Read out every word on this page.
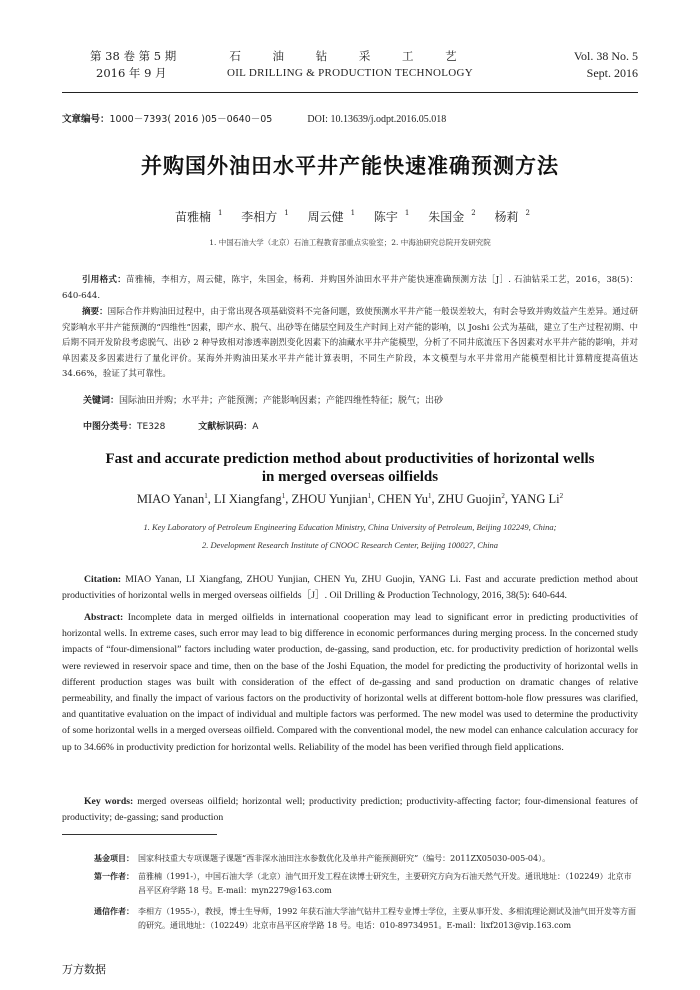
第 38 卷 第 5 期
2016 年 9 月
石 油 钻 采 工 艺
OIL DRILLING & PRODUCTION TECHNOLOGY
Vol. 38 No. 5
Sept. 2016
文章编号：1000－7393( 2016 )05－0640－05	DOI: 10.13639/j.odpt.2016.05.018
并购国外油田水平井产能快速准确预测方法
苗雅楠 $^1$ 李相方 $^1$ 周云健 $^1$ 陈宇 $^1$ 朱国金 $^2$ 杨莉 $^2$
1. 中国石油大学（北京）石油工程教育部重点实验室；2. 中海油研究总院开发研究院
引用格式：苗雅楠，李相方，周云健，陈宇，朱国金，杨莉．并购国外油田水平井产能快速准确预测方法［J］. 石油钻采工艺，2016，38(5)：640-644.
摘要：国际合作并购油田过程中，由于常出现各项基础资料不完备问题，致使预测水平井产能一般误差较大，有时会导致并购效益产生差异。通过研究影响水平井产能预测的“四维性”因素，即产水、脱气、出砂等在储层空间及生产时间上对产能的影响，以 Joshi 公式为基础，建立了生产过程初期、中后期不同开发阶段考虑脱气、出砂 2 种导致相对渗透率剧烈变化因素下的油藏水平井产能模型，分析了不同井底流压下各因素对水平井产能的影响，并对单因素及多因素进行了量化评价。某海外并购油田某水平井产能计算表明，不同生产阶段，本文模型与水平井常用产能模型相比计算精度提高值达 34.66%，验证了其可靠性。
关键词：国际油田并购；水平井；产能预测；产能影响因素；产能四维性特征；脱气；出砂
中图分类号：TE328	文献标识码：A
Fast and accurate prediction method about productivities of horizontal wells in merged overseas oilfields
MIAO Yanan$^1$, LI Xiangfang$^1$, ZHOU Yunjian$^1$, CHEN Yu$^1$, ZHU Guojin$^2$, YANG Li$^2$
1. Key Laboratory of Petroleum Engineering Education Ministry, China University of Petroleum, Beijing 102249, China;
2. Development Research Institute of CNOOC Research Center, Beijing 100027, China
Citation: MIAO Yanan, LI Xiangfang, ZHOU Yunjian, CHEN Yu, ZHU Guojin, YANG Li. Fast and accurate prediction method about productivities of horizontal wells in merged overseas oilfields［J］. Oil Drilling & Production Technology, 2016, 38(5): 640-644.
Abstract: Incomplete data in merged oilfields in international cooperation may lead to significant error in predicting productivities of horizontal wells. In extreme cases, such error may lead to big difference in economic performances during merging process. In the concerned study impacts of “four-dimensional” factors including water production, de-gassing, sand production, etc. for productivity prediction of horizontal wells were reviewed in reservoir space and time, then on the base of the Joshi Equation, the model for predicting the productivity of horizontal wells in different production stages was built with consideration of the effect of de-gassing and sand production on dramatic changes of relative permeability, and finally the impact of various factors on the productivity of horizontal wells at different bottom-hole flow pressures was clarified, and quantitative evaluation on the impact of individual and multiple factors was performed. The new model was used to determine the productivity of some horizontal wells in a merged overseas oilfield. Compared with the conventional model, the new model can enhance calculation accuracy for up to 34.66% in productivity prediction for horizontal wells. Reliability of the model has been verified through field applications.
Key words: merged overseas oilfield; horizontal well; productivity prediction; productivity-affecting factor; four-dimensional features of productivity; de-gassing; sand production
基金项目： 国家科技重大专项课题子课题“西非深水油田注水参数优化及单井产能预测研究”（编号：2011ZX05030-005-04）。
第一作者： 苗雅楠（1991-），中国石油大学（北京）油气田开发工程在读博士研究生，主要研究方向为石油天然气开发。通讯地址：（102249）北京市昌平区府学路 18 号。E-mail：myn2279@163.com
通信作者： 李相方（1955-），教授，博士生导师，1992 年获石油大学油气钻井工程专业博士学位，主要从事开发、多相流理论测试及油气田开发等方面的研究。通讯地址：（102249）北京市昌平区府学路 18 号。电话：010-89734951。E-mail：lixf2013@vip.163.com
万方数据
